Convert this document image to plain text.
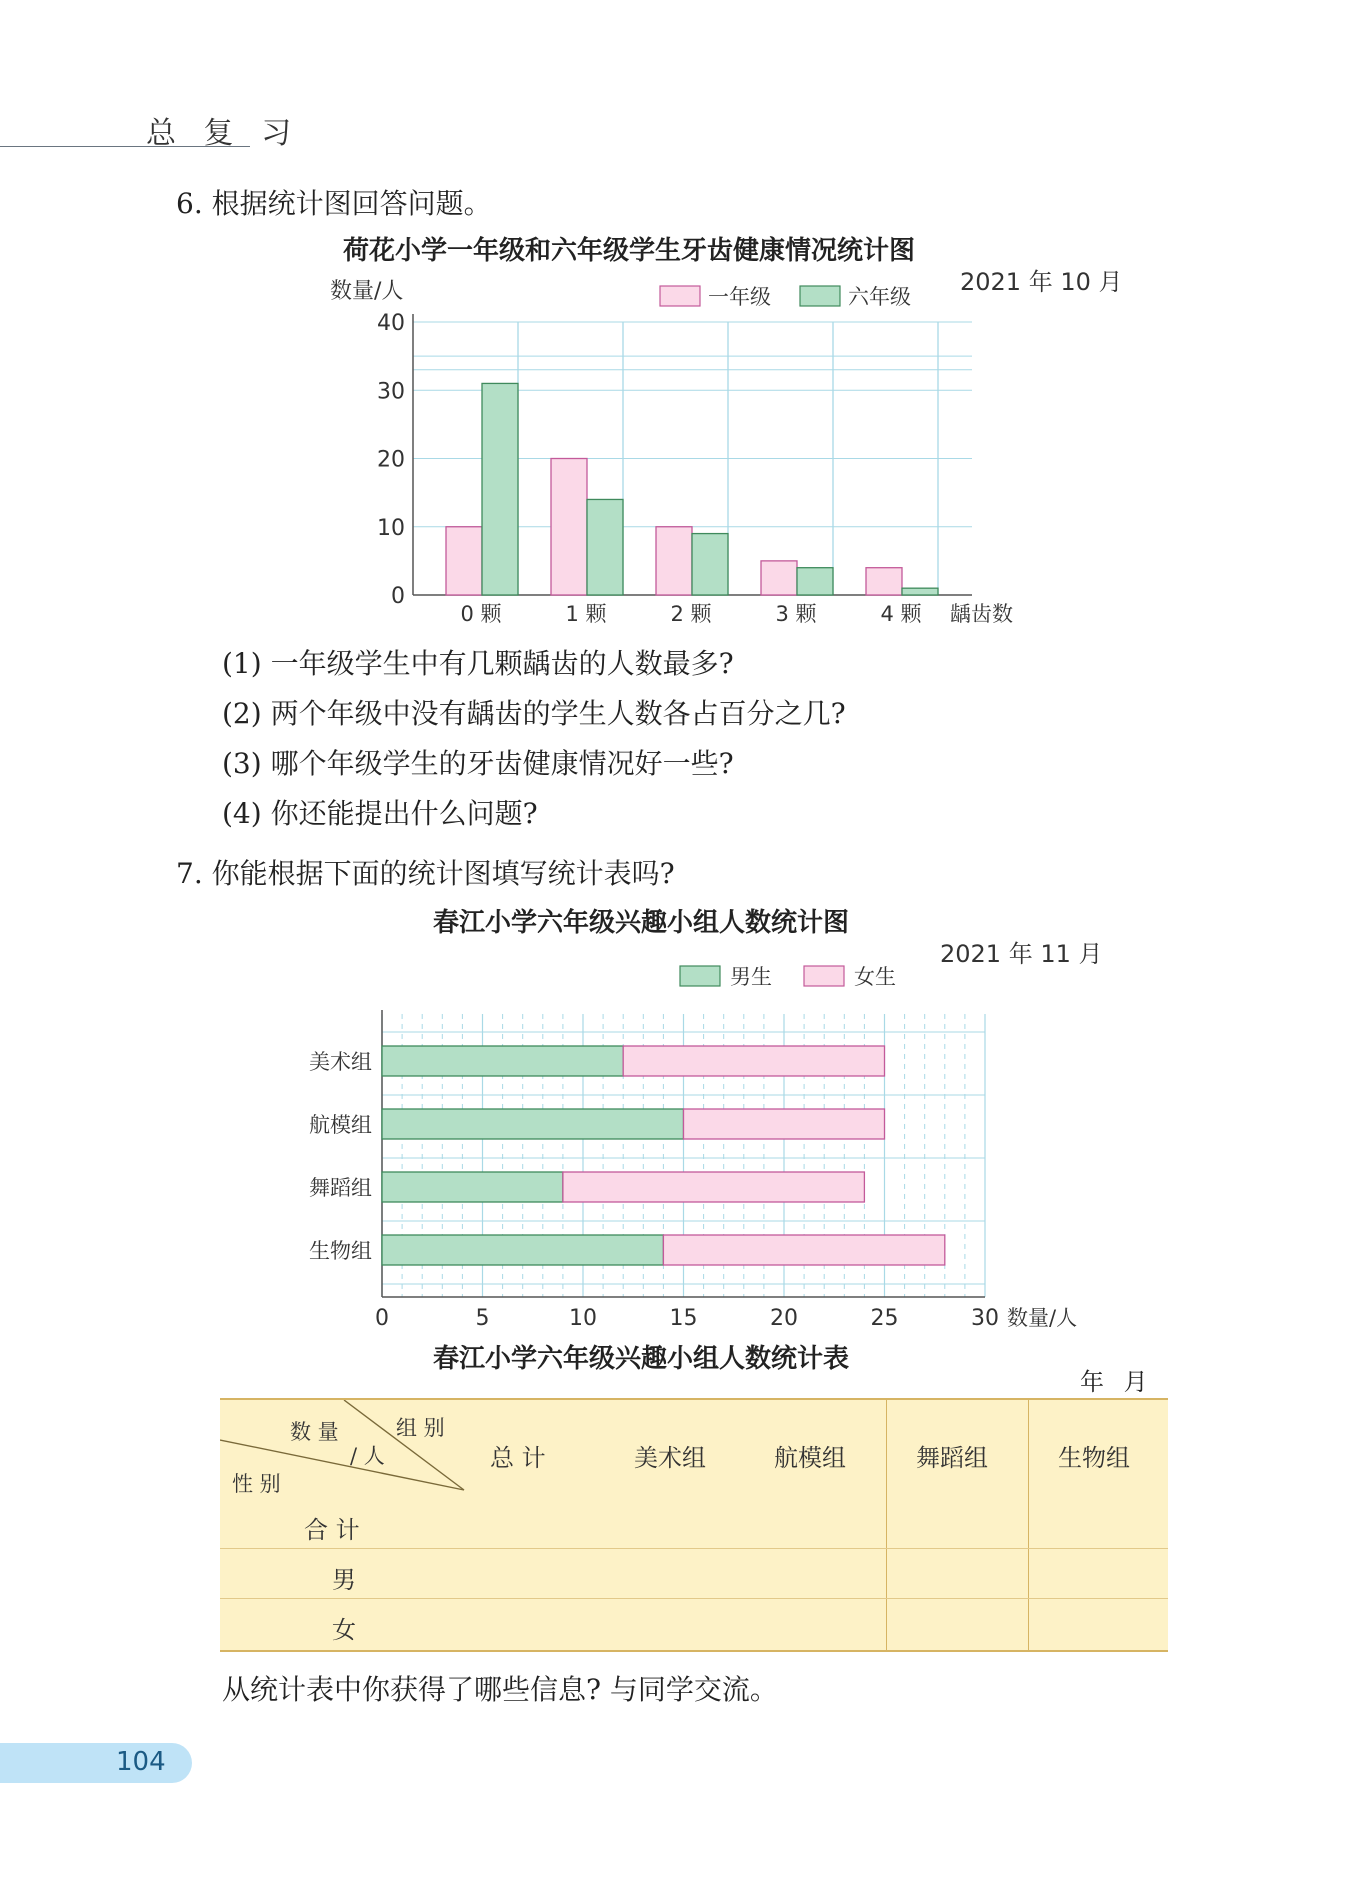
总 复 习
6. 根据统计图回答问题。
荷花小学一年级和六年级学生牙齿健康情况统计图
0
10
20
30
40
数量/人
0 颗	1 颗	2 颗	3 颗	4 颗 龋齿数
一年级	六年级
2021 年 10 月
(1) 一年级学生中有几颗龋齿的人数最多?
(2) 两个年级中没有龋齿的学生人数各占百分之几?
(3) 哪个年级学生的牙齿健康情况好一些?
(4) 你还能提出什么问题?
7. 你能根据下面的统计图填写统计表吗?
春江小学六年级兴趣小组人数统计图
美术组
航模组
舞蹈组
生物组
0	5	10	15	20	25	30 数量/人
男生	女生
2021 年 11 月
春江小学六年级兴趣小组人数统计表
年 月
组 别
数 量
/ 人
性 别
总 计	美术组	航模组	舞蹈组	生物组
合 计
男
女
从统计表中你获得了哪些信息? 与同学交流。
104
